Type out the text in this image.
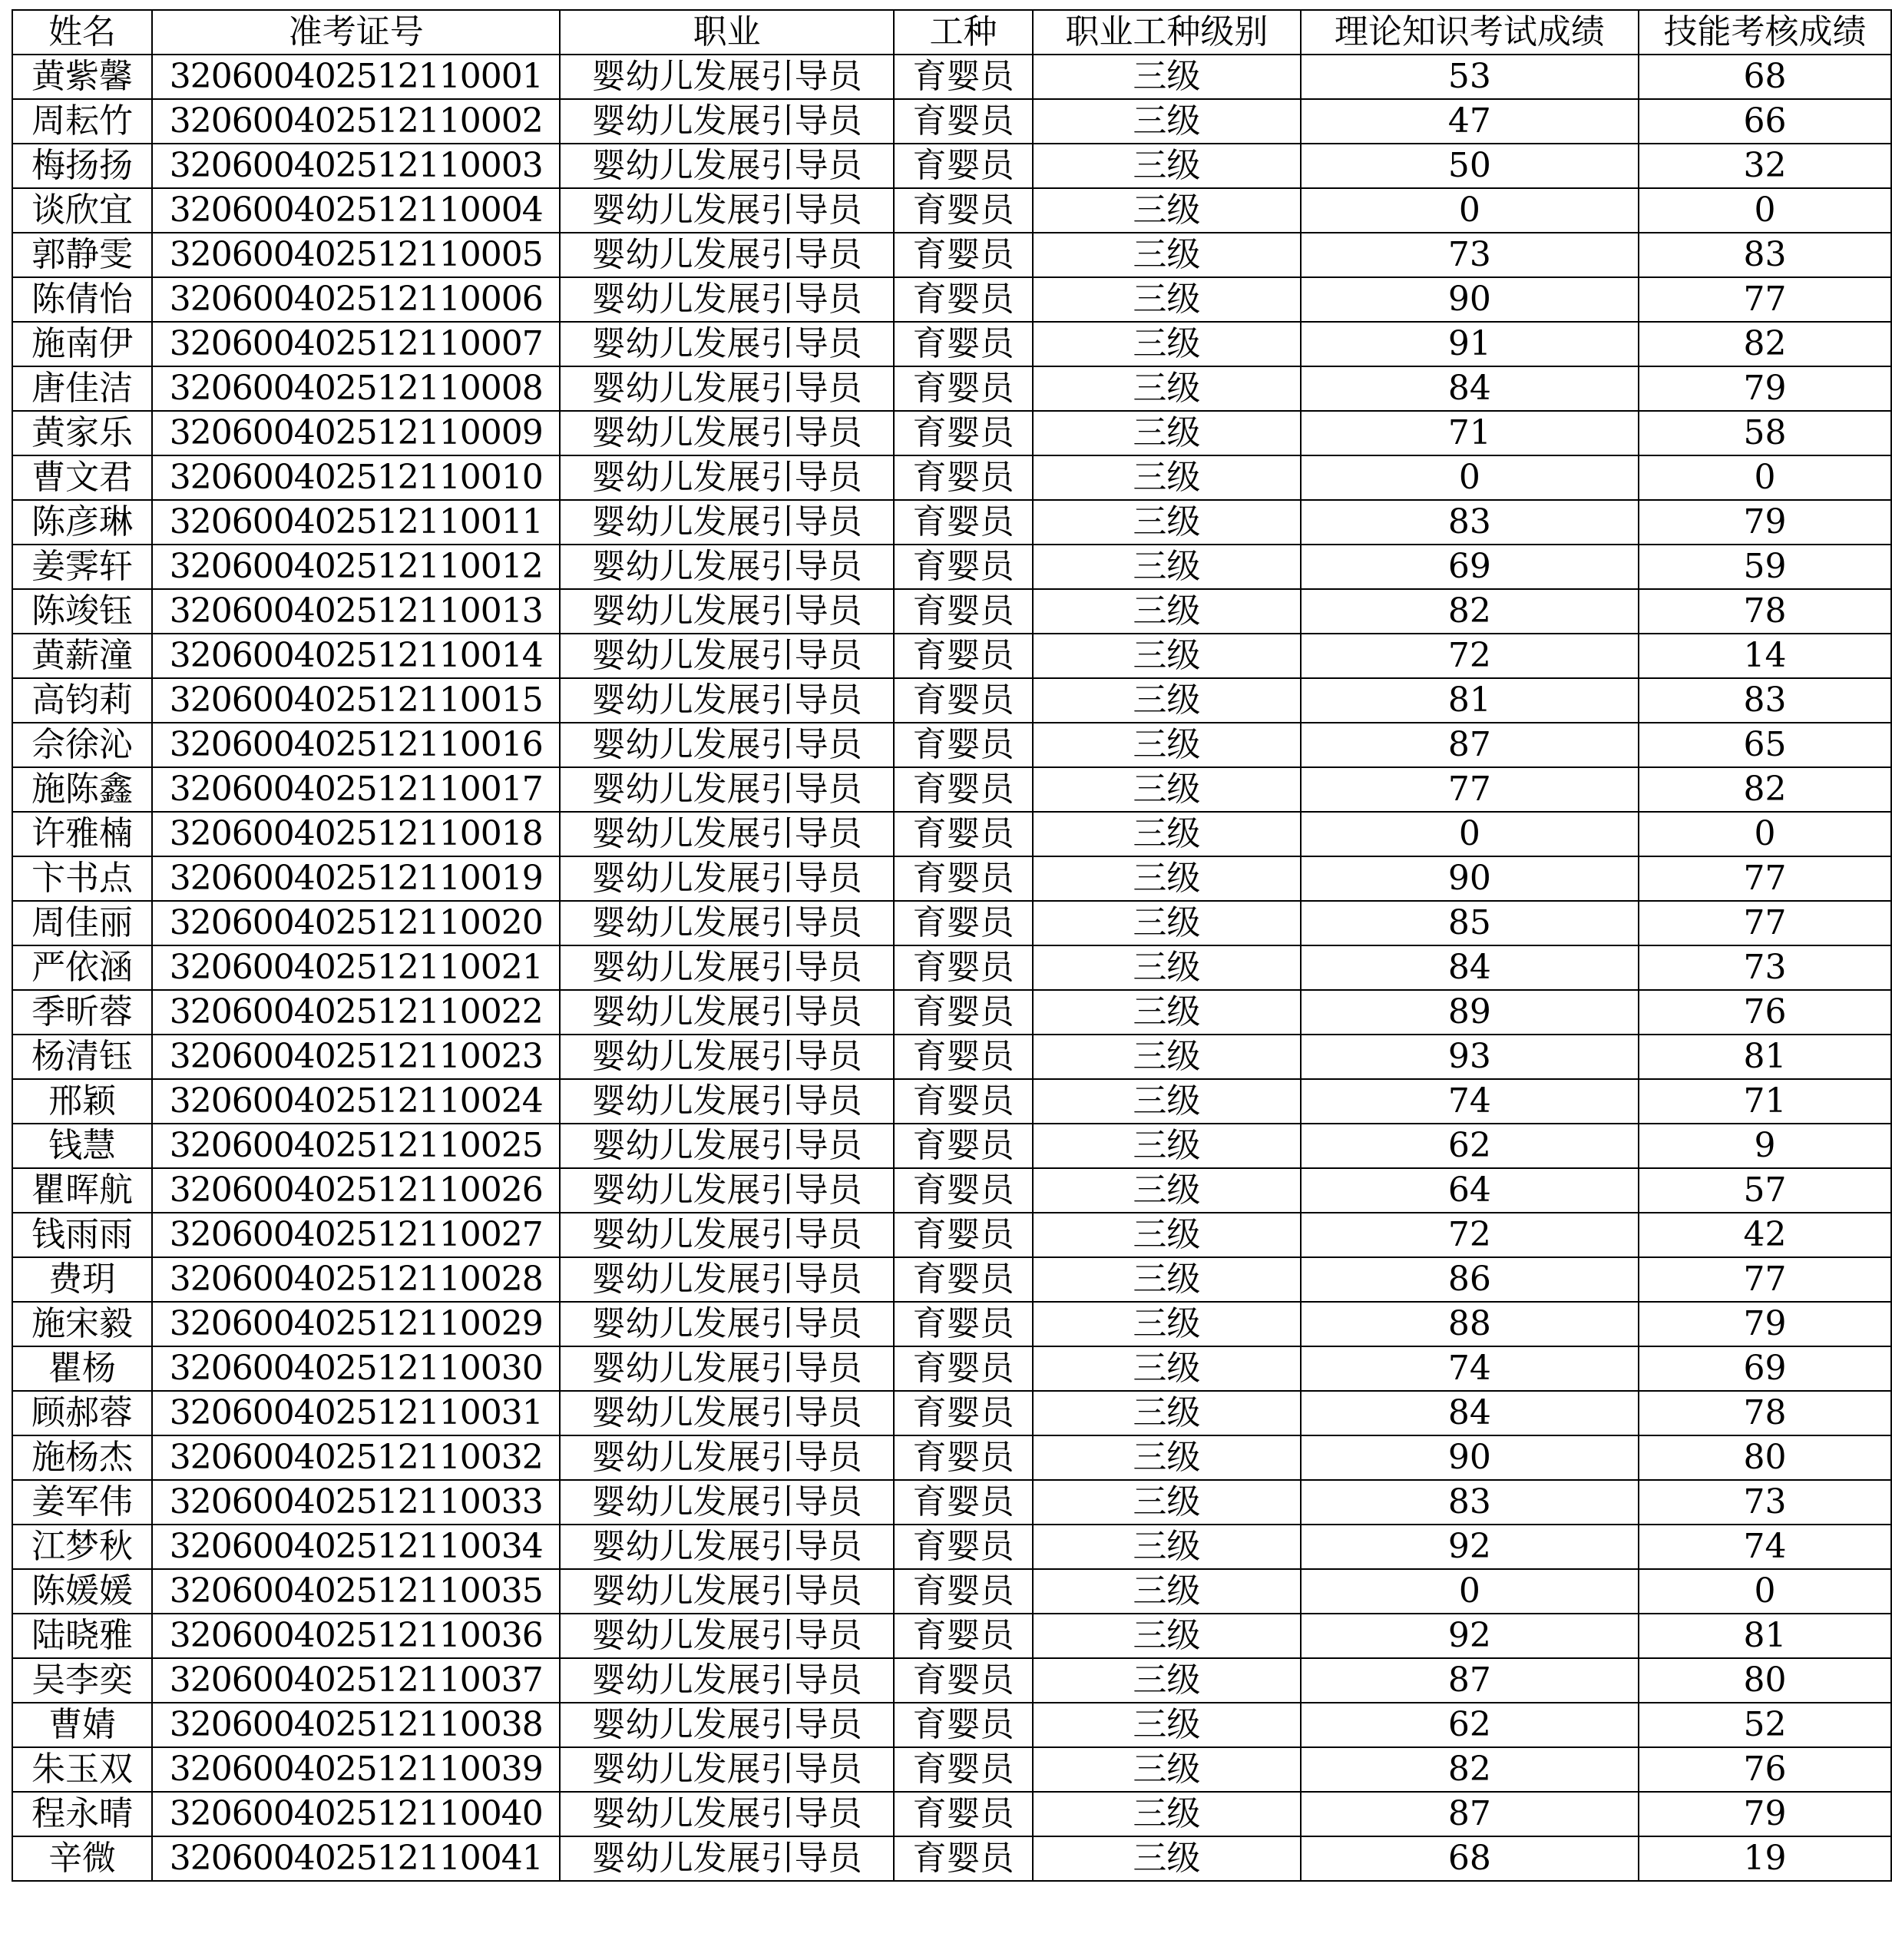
姓名	准考证号	职业	工种	职业工种级别	理论知识考试成绩	技能考核成绩
黄紫馨	320600402512110001	婴幼儿发展引导员	育婴员	三级	53	68
周耘竹	320600402512110002	婴幼儿发展引导员	育婴员	三级	47	66
梅扬扬	320600402512110003	婴幼儿发展引导员	育婴员	三级	50	32
谈欣宜	320600402512110004	婴幼儿发展引导员	育婴员	三级	0	0
郭静雯	320600402512110005	婴幼儿发展引导员	育婴员	三级	73	83
陈倩怡	320600402512110006	婴幼儿发展引导员	育婴员	三级	90	77
施南伊	320600402512110007	婴幼儿发展引导员	育婴员	三级	91	82
唐佳洁	320600402512110008	婴幼儿发展引导员	育婴员	三级	84	79
黄家乐	320600402512110009	婴幼儿发展引导员	育婴员	三级	71	58
曹文君	320600402512110010	婴幼儿发展引导员	育婴员	三级	0	0
陈彦琳	320600402512110011	婴幼儿发展引导员	育婴员	三级	83	79
姜霁轩	320600402512110012	婴幼儿发展引导员	育婴员	三级	69	59
陈竣钰	320600402512110013	婴幼儿发展引导员	育婴员	三级	82	78
黄薪潼	320600402512110014	婴幼儿发展引导员	育婴员	三级	72	14
高钧莉	320600402512110015	婴幼儿发展引导员	育婴员	三级	81	83
佘徐沁	320600402512110016	婴幼儿发展引导员	育婴员	三级	87	65
施陈鑫	320600402512110017	婴幼儿发展引导员	育婴员	三级	77	82
许雅楠	320600402512110018	婴幼儿发展引导员	育婴员	三级	0	0
卞书点	320600402512110019	婴幼儿发展引导员	育婴员	三级	90	77
周佳丽	320600402512110020	婴幼儿发展引导员	育婴员	三级	85	77
严依涵	320600402512110021	婴幼儿发展引导员	育婴员	三级	84	73
季昕蓉	320600402512110022	婴幼儿发展引导员	育婴员	三级	89	76
杨清钰	320600402512110023	婴幼儿发展引导员	育婴员	三级	93	81
邢颖	320600402512110024	婴幼儿发展引导员	育婴员	三级	74	71
钱慧	320600402512110025	婴幼儿发展引导员	育婴员	三级	62	9
瞿晖航	320600402512110026	婴幼儿发展引导员	育婴员	三级	64	57
钱雨雨	320600402512110027	婴幼儿发展引导员	育婴员	三级	72	42
费玥	320600402512110028	婴幼儿发展引导员	育婴员	三级	86	77
施宋毅	320600402512110029	婴幼儿发展引导员	育婴员	三级	88	79
瞿杨	320600402512110030	婴幼儿发展引导员	育婴员	三级	74	69
顾郝蓉	320600402512110031	婴幼儿发展引导员	育婴员	三级	84	78
施杨杰	320600402512110032	婴幼儿发展引导员	育婴员	三级	90	80
姜军伟	320600402512110033	婴幼儿发展引导员	育婴员	三级	83	73
江梦秋	320600402512110034	婴幼儿发展引导员	育婴员	三级	92	74
陈媛媛	320600402512110035	婴幼儿发展引导员	育婴员	三级	0	0
陆晓雅	320600402512110036	婴幼儿发展引导员	育婴员	三级	92	81
吴李奕	320600402512110037	婴幼儿发展引导员	育婴员	三级	87	80
曹婧	320600402512110038	婴幼儿发展引导员	育婴员	三级	62	52
朱玉双	320600402512110039	婴幼儿发展引导员	育婴员	三级	82	76
程永晴	320600402512110040	婴幼儿发展引导员	育婴员	三级	87	79
辛微	320600402512110041	婴幼儿发展引导员	育婴员	三级	68	19
